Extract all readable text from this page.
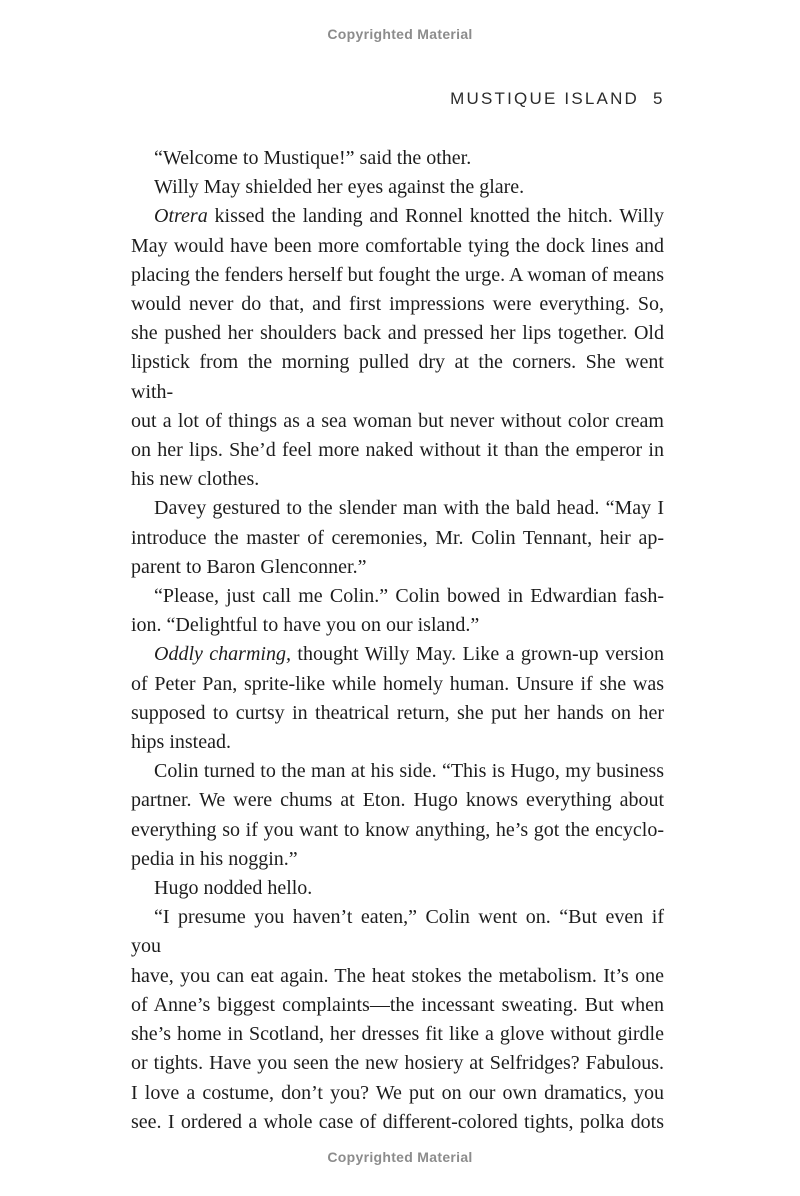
Copyrighted Material
MUSTIQUE ISLAND 5
“Welcome to Mustique!” said the other.
Willy May shielded her eyes against the glare.
Otrera kissed the landing and Ronnel knotted the hitch. Willy
May would have been more comfortable tying the dock lines and
placing the fenders herself but fought the urge. A woman of means
would never do that, and first impressions were everything. So,
she pushed her shoulders back and pressed her lips together. Old
lipstick from the morning pulled dry at the corners. She went with-
out a lot of things as a sea woman but never without color cream
on her lips. She’d feel more naked without it than the emperor in
his new clothes.
Davey gestured to the slender man with the bald head. “May I
introduce the master of ceremonies, Mr. Colin Tennant, heir ap-
parent to Baron Glenconner.”
“Please, just call me Colin.” Colin bowed in Edwardian fash-
ion. “Delightful to have you on our island.”
Oddly charming, thought Willy May. Like a grown-up version
of Peter Pan, sprite-like while homely human. Unsure if she was
supposed to curtsy in theatrical return, she put her hands on her
hips instead.
Colin turned to the man at his side. “This is Hugo, my business
partner. We were chums at Eton. Hugo knows everything about
everything so if you want to know anything, he’s got the encyclo-
pedia in his noggin.”
Hugo nodded hello.
“I presume you haven’t eaten,” Colin went on. “But even if you
have, you can eat again. The heat stokes the metabolism. It’s one
of Anne’s biggest complaints—the incessant sweating. But when
she’s home in Scotland, her dresses fit like a glove without girdle
or tights. Have you seen the new hosiery at Selfridges? Fabulous.
I love a costume, don’t you? We put on our own dramatics, you
see. I ordered a whole case of different-colored tights, polka dots
Copyrighted Material
